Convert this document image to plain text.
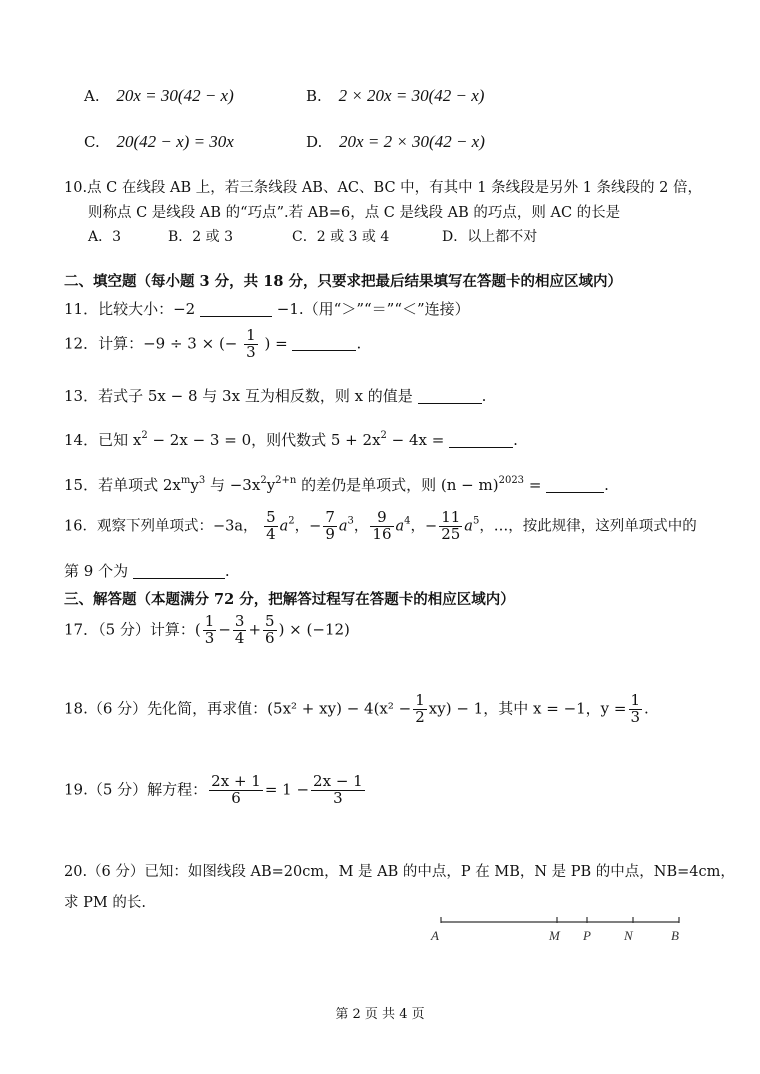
A. 20x = 30(42 − x)	B. 2 × 20x = 30(42 − x)
C. 20(42 − x) = 30x	D. 20x = 2 × 30(42 − x)
10.点 C 在线段 AB 上，若三条线段 AB、AC、BC 中，有其中 1 条线段是另外 1 条线段的 2 倍，
则称点 C 是线段 AB 的“巧点”.若 AB=6，点 C 是线段 AB 的巧点，则 AC 的长是
A．3	B．2 或 3	C．2 或 3 或 4	D．以上都不对
二、填空题（每小题 3 分，共 18 分，只要求把最后结果填写在答题卡的相应区域内）
11．比较大小：−2	−1.（用“＞”“＝”“＜”连接）
12．计算：−9 ÷ 3 × (− $\frac{1}{3}$ ) =	.
13．若式子 5x − 8 与 3x 互为相反数，则 x 的值是	.
14．已知 $x^2 - 2x - 3 = 0$，则代数式 $5 + 2x^2 - 4x$ =	.
15．若单项式 $2x^my^3$ 与 $-3x^2y^{2+n}$ 的差仍是单项式，则 $(n - m)^{2023}$ =	.
16．观察下列单项式：−3a， $\frac{5}{4} a^2$，− $\frac{7}{9} a^3$， $\frac{9}{16} a^4$，− $\frac{11}{25} a^5$，…，按此规律，这列单项式中的
第 9 个为	.
三、解答题（本题满分 72 分，把解答过程写在答题卡的相应区域内）
17．（5 分）计算：( $\frac{1}{3} - \frac{3}{4} + \frac{5}{6}$ ) × (−12)
18.（6 分）先化简，再求值：$(5x^2 + xy) - 4(x^2 - \frac{1}{2} xy) - 1$，其中 x = −1，$y = \frac{1}{3}$ .
19.（5 分）解方程： $\frac{2x + 1}{6} = 1 - \frac{2x - 1}{3}$
20.（6 分）已知：如图线段 AB=20cm，M 是 AB 的中点，P 在 MB，N 是 PB 的中点，NB=4cm，
求 PM 的长.
A	M P	N	B
第 2 页 共 4 页
